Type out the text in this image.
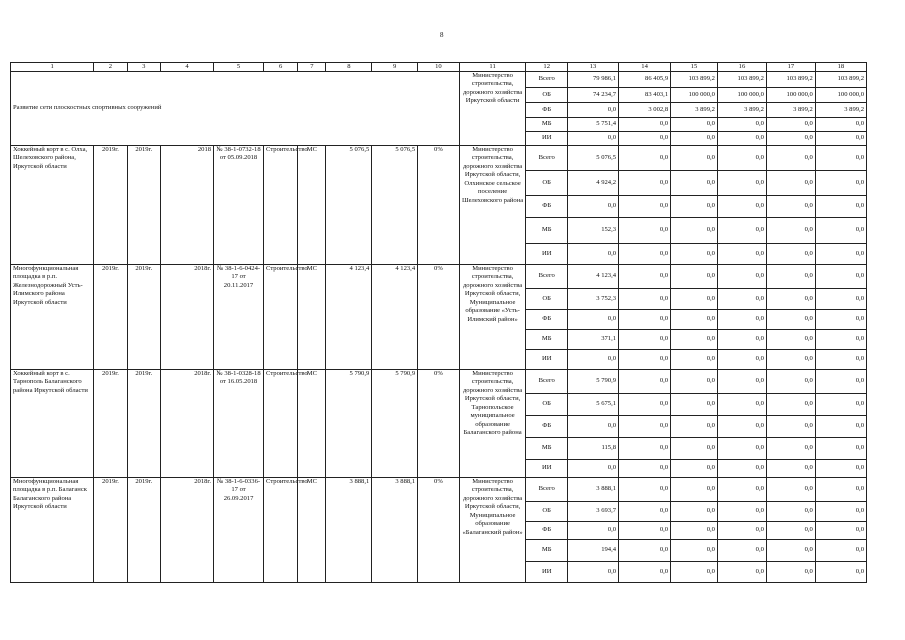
8
1	2	3	4	5	6	7	8	9	10	11	12	13	14	15	16	17	18
Развитие сети плоскостных спортивных сооружений										Министерство строительства, дорожного хозяйства Иркутской области	Всего	79 986,1	86 405,9	103 899,2	103 899,2	103 899,2	103 899,2
											ОБ	74 234,7	83 403,1	100 000,0	100 000,0	100 000,0	100 000,0
											ФБ	0,0	3 002,8	3 899,2	3 899,2	3 899,2	3 899,2
											МБ	5 751,4	0,0	0,0	0,0	0,0	0,0
											ИИ	0,0	0,0	0,0	0,0	0,0	0,0
Хоккейный корт в с. Олха, Шелеховского района, Иркутской области	2019г.	2019г.	2018	№ 38-1-0732-18 от 05.09.2018	Строительство	МС	5 076,5	5 076,5	0%	Министерство строительства, дорожного хозяйства Иркутской области, Олхинское сельское поселение Шелеховского района	Всего	5 076,5	0,0	0,0	0,0	0,0	0,0
											ОБ	4 924,2	0,0	0,0	0,0	0,0	0,0
											ФБ	0,0	0,0	0,0	0,0	0,0	0,0
											МБ	152,3	0,0	0,0	0,0	0,0	0,0
											ИИ	0,0	0,0	0,0	0,0	0,0	0,0
Многофункциональная площадка в р.п. Железнодорожный Усть-Илимского района Иркутской области	2019г.	2019г.	2018г.	№ 38-1-6-0424-17 от 20.11.2017	Строительство	МС	4 123,4	4 123,4	0%	Министерство строительства, дорожного хозяйства Иркутской области, Муниципальное образование «Усть-Илимский район»	Всего	4 123,4	0,0	0,0	0,0	0,0	0,0
											ОБ	3 752,3	0,0	0,0	0,0	0,0	0,0
											ФБ	0,0	0,0	0,0	0,0	0,0	0,0
											МБ	371,1	0,0	0,0	0,0	0,0	0,0
											ИИ	0,0	0,0	0,0	0,0	0,0	0,0
Хоккейный корт в с. Тарнополь Балаганского района Иркутской области	2019г.	2019г.	2018г.	№ 38-1-0328-18 от 16.05.2018	Строительство	МС	5 790,9	5 790,9	0%	Министерство строительства, дорожного хозяйства Иркутской области, Тарнопольское муниципальное образование Балаганского района	Всего	5 790,9	0,0	0,0	0,0	0,0	0,0
											ОБ	5 675,1	0,0	0,0	0,0	0,0	0,0
											ФБ	0,0	0,0	0,0	0,0	0,0	0,0
											МБ	115,8	0,0	0,0	0,0	0,0	0,0
											ИИ	0,0	0,0	0,0	0,0	0,0	0,0
Многофункциональная площадка в р.п. Балаганск Балаганского района Иркутской области	2019г.	2019г.	2018г.	№ 38-1-6-0336-17 от 26.09.2017	Строительство	МС	3 888,1	3 888,1	0%	Министерство строительства, дорожного хозяйства Иркутской области, Муниципальное образование «Балаганский район»	Всего	3 888,1	0,0	0,0	0,0	0,0	0,0
											ОБ	3 693,7	0,0	0,0	0,0	0,0	0,0
											ФБ	0,0	0,0	0,0	0,0	0,0	0,0
											МБ	194,4	0,0	0,0	0,0	0,0	0,0
											ИИ	0,0	0,0	0,0	0,0	0,0	0,0
